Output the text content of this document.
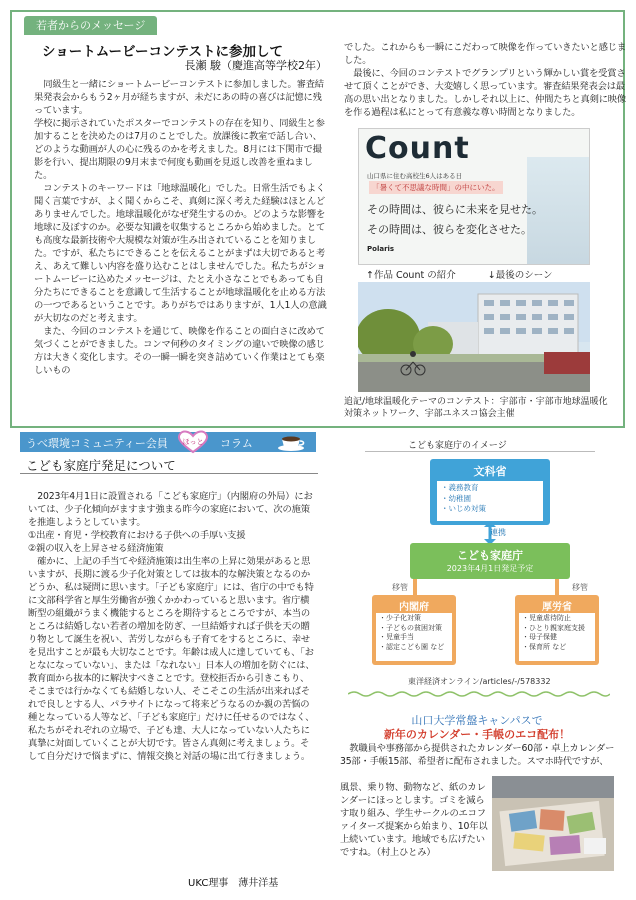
若者からのメッセージ
ショートムービーコンテストに参加して
長瀬 駿（慶進高等学校2年）

同級生と一緒にショートムービーコンテストに参加しました。審査結果発表会からもう2ヶ月が経ちますが、未だにあの時の喜びは記憶に残っています。

学校に掲示されていたポスターでコンテストの存在を知り、同級生と参加することを決めたのは7月のことでした。放課後に教室で話し合い、どのような動画が人の心に残るのかを考えました。8月には下関市で撮影を行い、提出期限の9月末まで何度も動画を見返し改善を重ねました。

コンテストのキーワードは「地球温暖化」でした。日常生活でもよく聞く言葉ですが、よく聞くからこそ、真剣に深く考えた経験はほとんどありませんでした。地球温暖化がなぜ発生するのか。どのような影響を地球に及ぼすのか。必要な知識を収集するところから始めました。とても高度な最新技術や大規模な対策が生み出されていることを知りました。ですが、私たちにできることを伝えることがまずは大切であると考え、あえて難しい内容を盛り込むことはしませんでした。私たちがショートムービーに込めたメッセージは、たとえ小さなことでもあっても自分たちにできることを意識して生活することが地球温暖化を止める方法の一つであるということです。ありがちではありますが、1人1人の意識が大切なのだと考えます。

また、今回のコンテストを通じて、映像を作ることの面白さに改めて気づくことができました。コンマ何秒のタイミングの違いで映像の感じ方は大きく変化します。その一瞬一瞬を突き詰めていく作業はとても楽しいもの

でした。これからも一瞬にこだわって映像を作っていきたいと感じました。

最後に、今回のコンテストでグランプリという輝かしい賞を受賞させて頂くことができ、大変嬉しく思っています。審査結果発表会は最高の思い出となりました。しかしそれ以上に、仲間たちと真剣に映像を作る過程は私にとって有意義な尊い時間となりました。

Count
山口県に住む高校生6人はある日
「暑くて不思議な時間」の中にいた。
その時間は、彼らに未来を見せた。
その時間は、彼らを変化させた。
Polaris
↑作品 Count の紹介	↓最後のシーン
追記/地球温暖化テーマのコンテスト：宇部市・宇部市地球温暖化対策ネットワーク、宇部ユネスコ協会主催
うべ環境コミュニティー会員 ほっと コラム
こども家庭庁発足について

2023年4月1日に設置される「こども家庭庁」（内閣府の外局）においては、少子化傾向がますます強まる昨今の家庭において、次の施策を推進しようとしています。

①出産・育児・学校教育における子供への手厚い支援

②親の収入を上昇させる経済施策

確かに、上記の手当てや経済施策は出生率の上昇に効果があると思いますが、長期に渡る少子化対策としては抜本的な解決策となるのかどうか、私は疑問に思います。「子ども家庭庁」には、省庁の中でも特に文部科学省と厚生労働省が強くかかわっていると思います。省庁横断型の組織がうまく機能するところを期待するところですが、本当のところは結婚しない若者の増加を防ぎ、一旦結婚すれば子供を天の贈り物として誕生を祝い、苦労しながらも子育てをするところに、幸せを見出すことが最も大切なことです。年齢は成人に達していても、「おとなになっていない」、または「なれない」日本人の増加を防ぐには、教育面から抜本的に解決すべきことです。登校拒否から引きこもり、そこまでは行かなくても結婚しない人、そこそこの生活が出来ればそれで良しとする人、パラサイトになって将来どうなるのか親の苦悩の種となっている人等など、「子ども家庭庁」だけに任せるのではなく、私たちがそれぞれの立場で、子ども達、大人になっていない人たちに真摯に対面していくことが大切です。皆さん真剣に考えましょう。そして自分だけで悩まずに、情報交換と対話の場に出て行きましょう。

UKC理事　薄井洋基
こども家庭庁のイメージ
文科省
・義務教育
・幼稚園
・いじめ対策
連携
こども家庭庁
2023年4月1日発足予定
移管	移管
内閣府
・少子化対策
・子どもの貧困対策
・児童手当
・認定こども園 など
厚労省
・児童虐待防止
・ひとり親家庭支援
・母子保健
・保育所 など
東洋経済オンライン/articles/-/578332
山口大学常盤キャンパスで
新年のカレンダー・手帳のエコ配布！
教職員や事務部から提供されたカレンダー60部・卓上カレンダー35部・手帳15部、希望者に配布されました。スマホ時代ですが、
風景、乗り物、動物など、紙のカレンダーにほっとします。ゴミを減らす取り組み、学生サークルのエコファイターズ提案から始まり、10年以上続いています。地域でも広げたいですね。（村上ひとみ）
